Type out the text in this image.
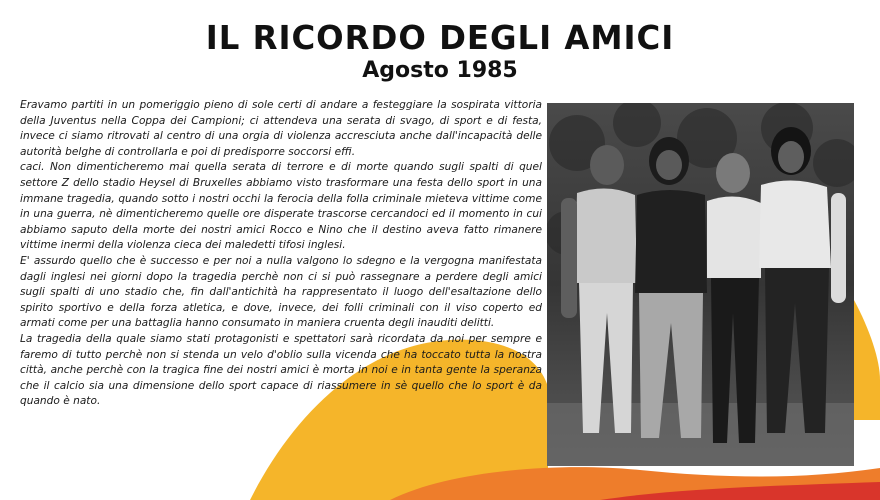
IL RICORDO DEGLI AMICI
Agosto 1985

Eravamo partiti in un pomeriggio pieno di sole certi di andare a festeggiare la sospirata vittoria della Juventus nella Coppa dei Campioni; ci attendeva una serata di svago, di sport e di festa, invece ci siamo ritrovati al centro di una orgia di violenza accresciuta anche dall'incapacità delle autorità belghe di controllarla e poi di predisporre soccorsi effi.

caci. Non dimenticheremo mai quella serata di terrore e di morte quando sugli spalti di quel settore Z dello stadio Heysel di Bruxelles abbiamo visto trasformare una festa dello sport in una immane tragedia, quando sotto i nostri occhi la ferocia della folla criminale mieteva vittime come in una guerra, nè dimenticheremo quelle ore disperate trascorse cercandoci ed il momento in cui abbiamo saputo della morte dei nostri amici Rocco e Nino che il destino aveva fatto rimanere vittime inermi della violenza cieca dei maledetti tifosi inglesi.

E' assurdo quello che è successo e per noi a nulla valgono lo sdegno e la vergogna manifestata dagli inglesi nei giorni dopo la tragedia perchè non ci si può rassegnare a perdere degli amici sugli spalti di uno stadio che, fin dall'antichità ha rappresentato il luogo dell'esaltazione dello spirito sportivo e della forza atletica, e dove, invece, dei folli criminali con il viso coperto ed armati come per una battaglia hanno consumato in maniera cruenta degli inauditi delitti.

La tragedia della quale siamo stati protagonisti e spettatori sarà ricordata da noi per sempre e faremo di tutto perchè non si stenda un velo d'oblio sulla vicenda che ha toccato tutta la nostra città, anche perchè con la tragica fine dei nostri amici è morta in noi e in tanta gente la speranza che il calcio sia una dimensione dello sport capace di riassumere in sè quello che lo sport è da quando è nato.
